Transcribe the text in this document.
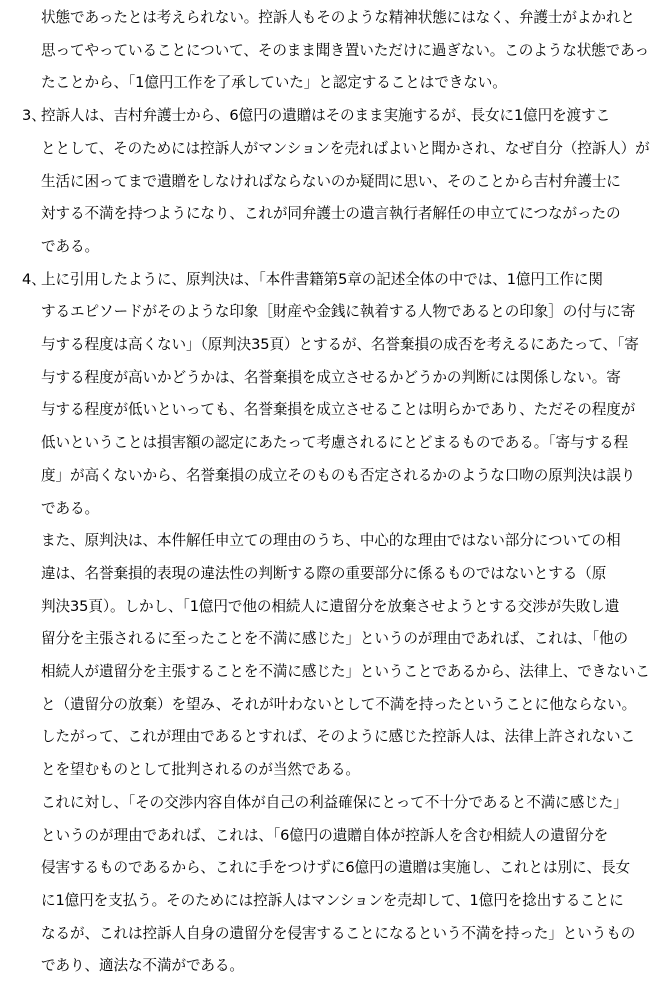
状態であったとは考えられない。控訴人もそのような精神状態にはなく、弁護士がよかれと
思ってやっていることについて、そのまま聞き置いただけに過ぎない。このような状態であっ
たことから、「1億円工作を了承していた」と認定することはできない。
3、
控訴人は、吉村弁護士から、6億円の遺贈はそのまま実施するが、長女に1億円を渡すこ
ととして、そのためには控訴人がマンションを売ればよいと聞かされ、なぜ自分（控訴人）が
生活に困ってまで遺贈をしなければならないのか疑問に思い、そのことから吉村弁護士に
対する不満を持つようになり、これが同弁護士の遺言執行者解任の申立てにつながったの
である。
4、
上に引用したように、原判決は、「本件書籍第5章の記述全体の中では、1億円工作に関
するエピソードがそのような印象［財産や金銭に執着する人物であるとの印象］の付与に寄
与する程度は高くない」（原判決35頁）とするが、名誉棄損の成否を考えるにあたって、「寄
与する程度が高いかどうかは、名誉棄損を成立させるかどうかの判断には関係しない。寄
与する程度が低いといっても、名誉棄損を成立させることは明らかであり、ただその程度が
低いということは損害額の認定にあたって考慮されるにとどまるものである。「寄与する程
度」が高くないから、名誉棄損の成立そのものも否定されるかのような口吻の原判決は誤り
である。
また、原判決は、本件解任申立ての理由のうち、中心的な理由ではない部分についての相
違は、名誉棄損的表現の違法性の判断する際の重要部分に係るものではないとする（原
判決35頁）。しかし、「1億円で他の相続人に遺留分を放棄させようとする交渉が失敗し遺
留分を主張されるに至ったことを不満に感じた」というのが理由であれば、これは、「他の
相続人が遺留分を主張することを不満に感じた」ということであるから、法律上、できないこ
と（遺留分の放棄）を望み、それが叶わないとして不満を持ったということに他ならない。
したがって、これが理由であるとすれば、そのように感じた控訴人は、法律上許されないこ
とを望むものとして批判されるのが当然である。
これに対し、「その交渉内容自体が自己の利益確保にとって不十分であると不満に感じた」
というのが理由であれば、これは、「6億円の遺贈自体が控訴人を含む相続人の遺留分を
侵害するものであるから、これに手をつけずに6億円の遺贈は実施し、これとは別に、長女
に1億円を支払う。そのためには控訴人はマンションを売却して、1億円を捻出することに
なるが、これは控訴人自身の遺留分を侵害することになるという不満を持った」というもの
であり、適法な不満がである。
